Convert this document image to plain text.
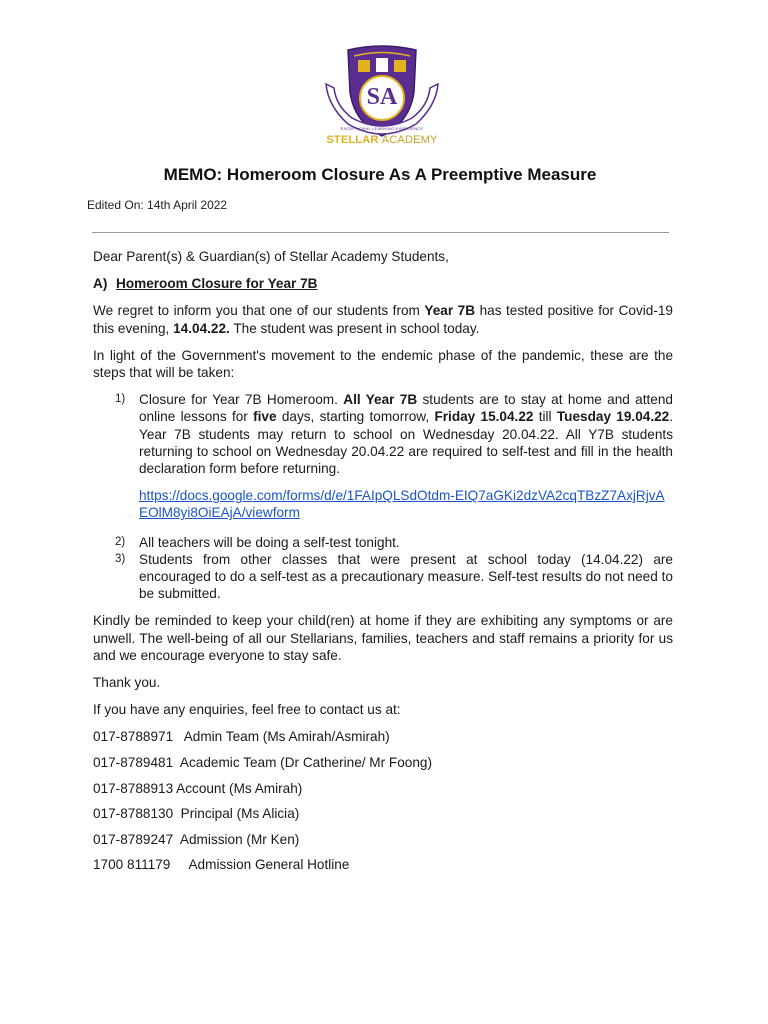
SA
EXCEPTIONAL LEARNING EXPERIENCE
STELLAR ACADEMY
MEMO: Homeroom Closure As A Preemptive Measure
Edited On: 14th April 2022

Dear Parent(s) & Guardian(s) of Stellar Academy Students,

A) Homeroom Closure for Year 7B

We regret to inform you that one of our students from Year 7B has tested positive for Covid-19 this evening, 14.04.22. The student was present in school today.

In light of the Government's movement to the endemic phase of the pandemic, these are the steps that will be taken:

1) Closure for Year 7B Homeroom. All Year 7B students are to stay at home and attend online lessons for five days, starting tomorrow, Friday 15.04.22 till Tuesday 19.04.22. Year 7B students may return to school on Wednesday 20.04.22. All Y7B students returning to school on Wednesday 20.04.22 are required to self-test and fill in the health declaration form before returning.
https://docs.google.com/forms/d/e/1FAIpQLSdOtdm-EIQ7aGKi2dzVA2cqTBzZ7AxjRjvAEOlM8yi8OiEAjA/viewform
2) All teachers will be doing a self-test tonight.
3) Students from other classes that were present at school today (14.04.22) are encouraged to do a self-test as a precautionary measure. Self-test results do not need to be submitted.

Kindly be reminded to keep your child(ren) at home if they are exhibiting any symptoms or are unwell. The well-being of all our Stellarians, families, teachers and staff remains a priority for us and we encourage everyone to stay safe.

Thank you.

If you have any enquiries, feel free to contact us at:

017-8788971   Admin Team (Ms Amirah/Asmirah)
017-8789481  Academic Team (Dr Catherine/ Mr Foong)
017-8788913 Account (Ms Amirah)
017-8788130  Principal (Ms Alicia)
017-8789247  Admission (Mr Ken)
1700 811179     Admission General Hotline
